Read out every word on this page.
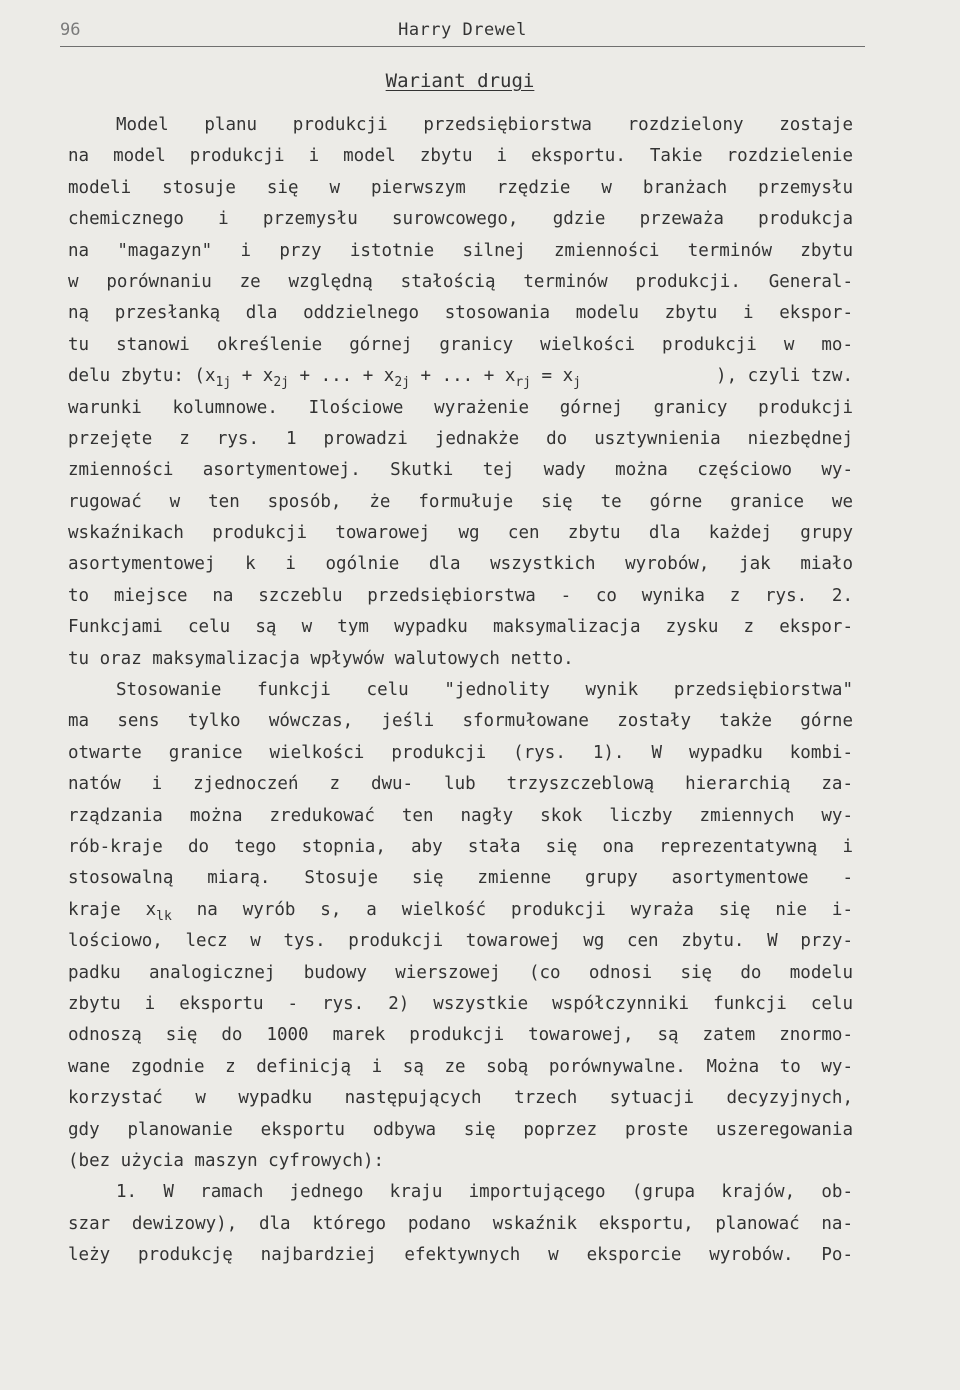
96	Harry Drewel
Wariant drugi
Model planu produkcji przedsiębiorstwa rozdzielony zostaje
na model produkcji i model zbytu i eksportu. Takie rozdzielenie
modeli stosuje się w pierwszym rzędzie w branżach przemysłu
chemicznego i przemysłu surowcowego, gdzie przeważa produkcja
na "magazyn" i przy istotnie silnej zmienności terminów zbytu
w porównaniu ze względną stałością terminów produkcji. General-
ną przesłanką dla oddzielnego stosowania modelu zbytu i ekspor-
tu stanowi określenie górnej granicy wielkości produkcji w mo-
delu zbytu: ($x_{1j} + x_{2j}$ + ... + $x_{2j}$ + ... + $x_{rj} = x_j$	), czyli tzw.
warunki kolumnowe. Ilościowe wyrażenie górnej granicy produkcji
przejęte z rys. 1 prowadzi jednakże do usztywnienia niezbędnej
zmienności asortymentowej. Skutki tej wady można częściowo wy-
rugować w ten sposób, że formułuje się te górne granice we
wskaźnikach produkcji towarowej wg cen zbytu dla każdej grupy
asortymentowej k i ogólnie dla wszystkich wyrobów, jak miało
to miejsce na szczeblu przedsiębiorstwa - co wynika z rys. 2.
Funkcjami celu są w tym wypadku maksymalizacja zysku z ekspor-
tu oraz maksymalizacja wpływów walutowych netto.
Stosowanie funkcji celu "jednolity wynik przedsiębiorstwa"
ma sens tylko wówczas, jeśli sformułowane zostały także górne
otwarte granice wielkości produkcji (rys. 1). W wypadku kombi-
natów i zjednoczeń z dwu- lub trzyszczeblową hierarchią za-
rządzania można zredukować ten nagły skok liczby zmiennych wy-
rób-kraje do tego stopnia, aby stała się ona reprezentatywną i
stosowalną miarą. Stosuje się zmienne grupy asortymentowe -
kraje $x_{lk}$ na wyrób s, a wielkość produkcji wyraża się nie i-
lościowo, lecz w tys. produkcji towarowej wg cen zbytu. W przy-
padku analogicznej budowy wierszowej (co odnosi się do modelu
zbytu i eksportu - rys. 2) wszystkie współczynniki funkcji celu
odnoszą się do 1000 marek produkcji towarowej, są zatem znormo-
wane zgodnie z definicją i są ze sobą porównywalne. Można to wy-
korzystać w wypadku następujących trzech sytuacji decyzyjnych,
gdy planowanie eksportu odbywa się poprzez proste uszeregowania
(bez użycia maszyn cyfrowych):
1. W ramach jednego kraju importującego (grupa krajów, ob-
szar dewizowy), dla którego podano wskaźnik eksportu, planować na-
leży produkcję najbardziej efektywnych w eksporcie wyrobów. Po-
